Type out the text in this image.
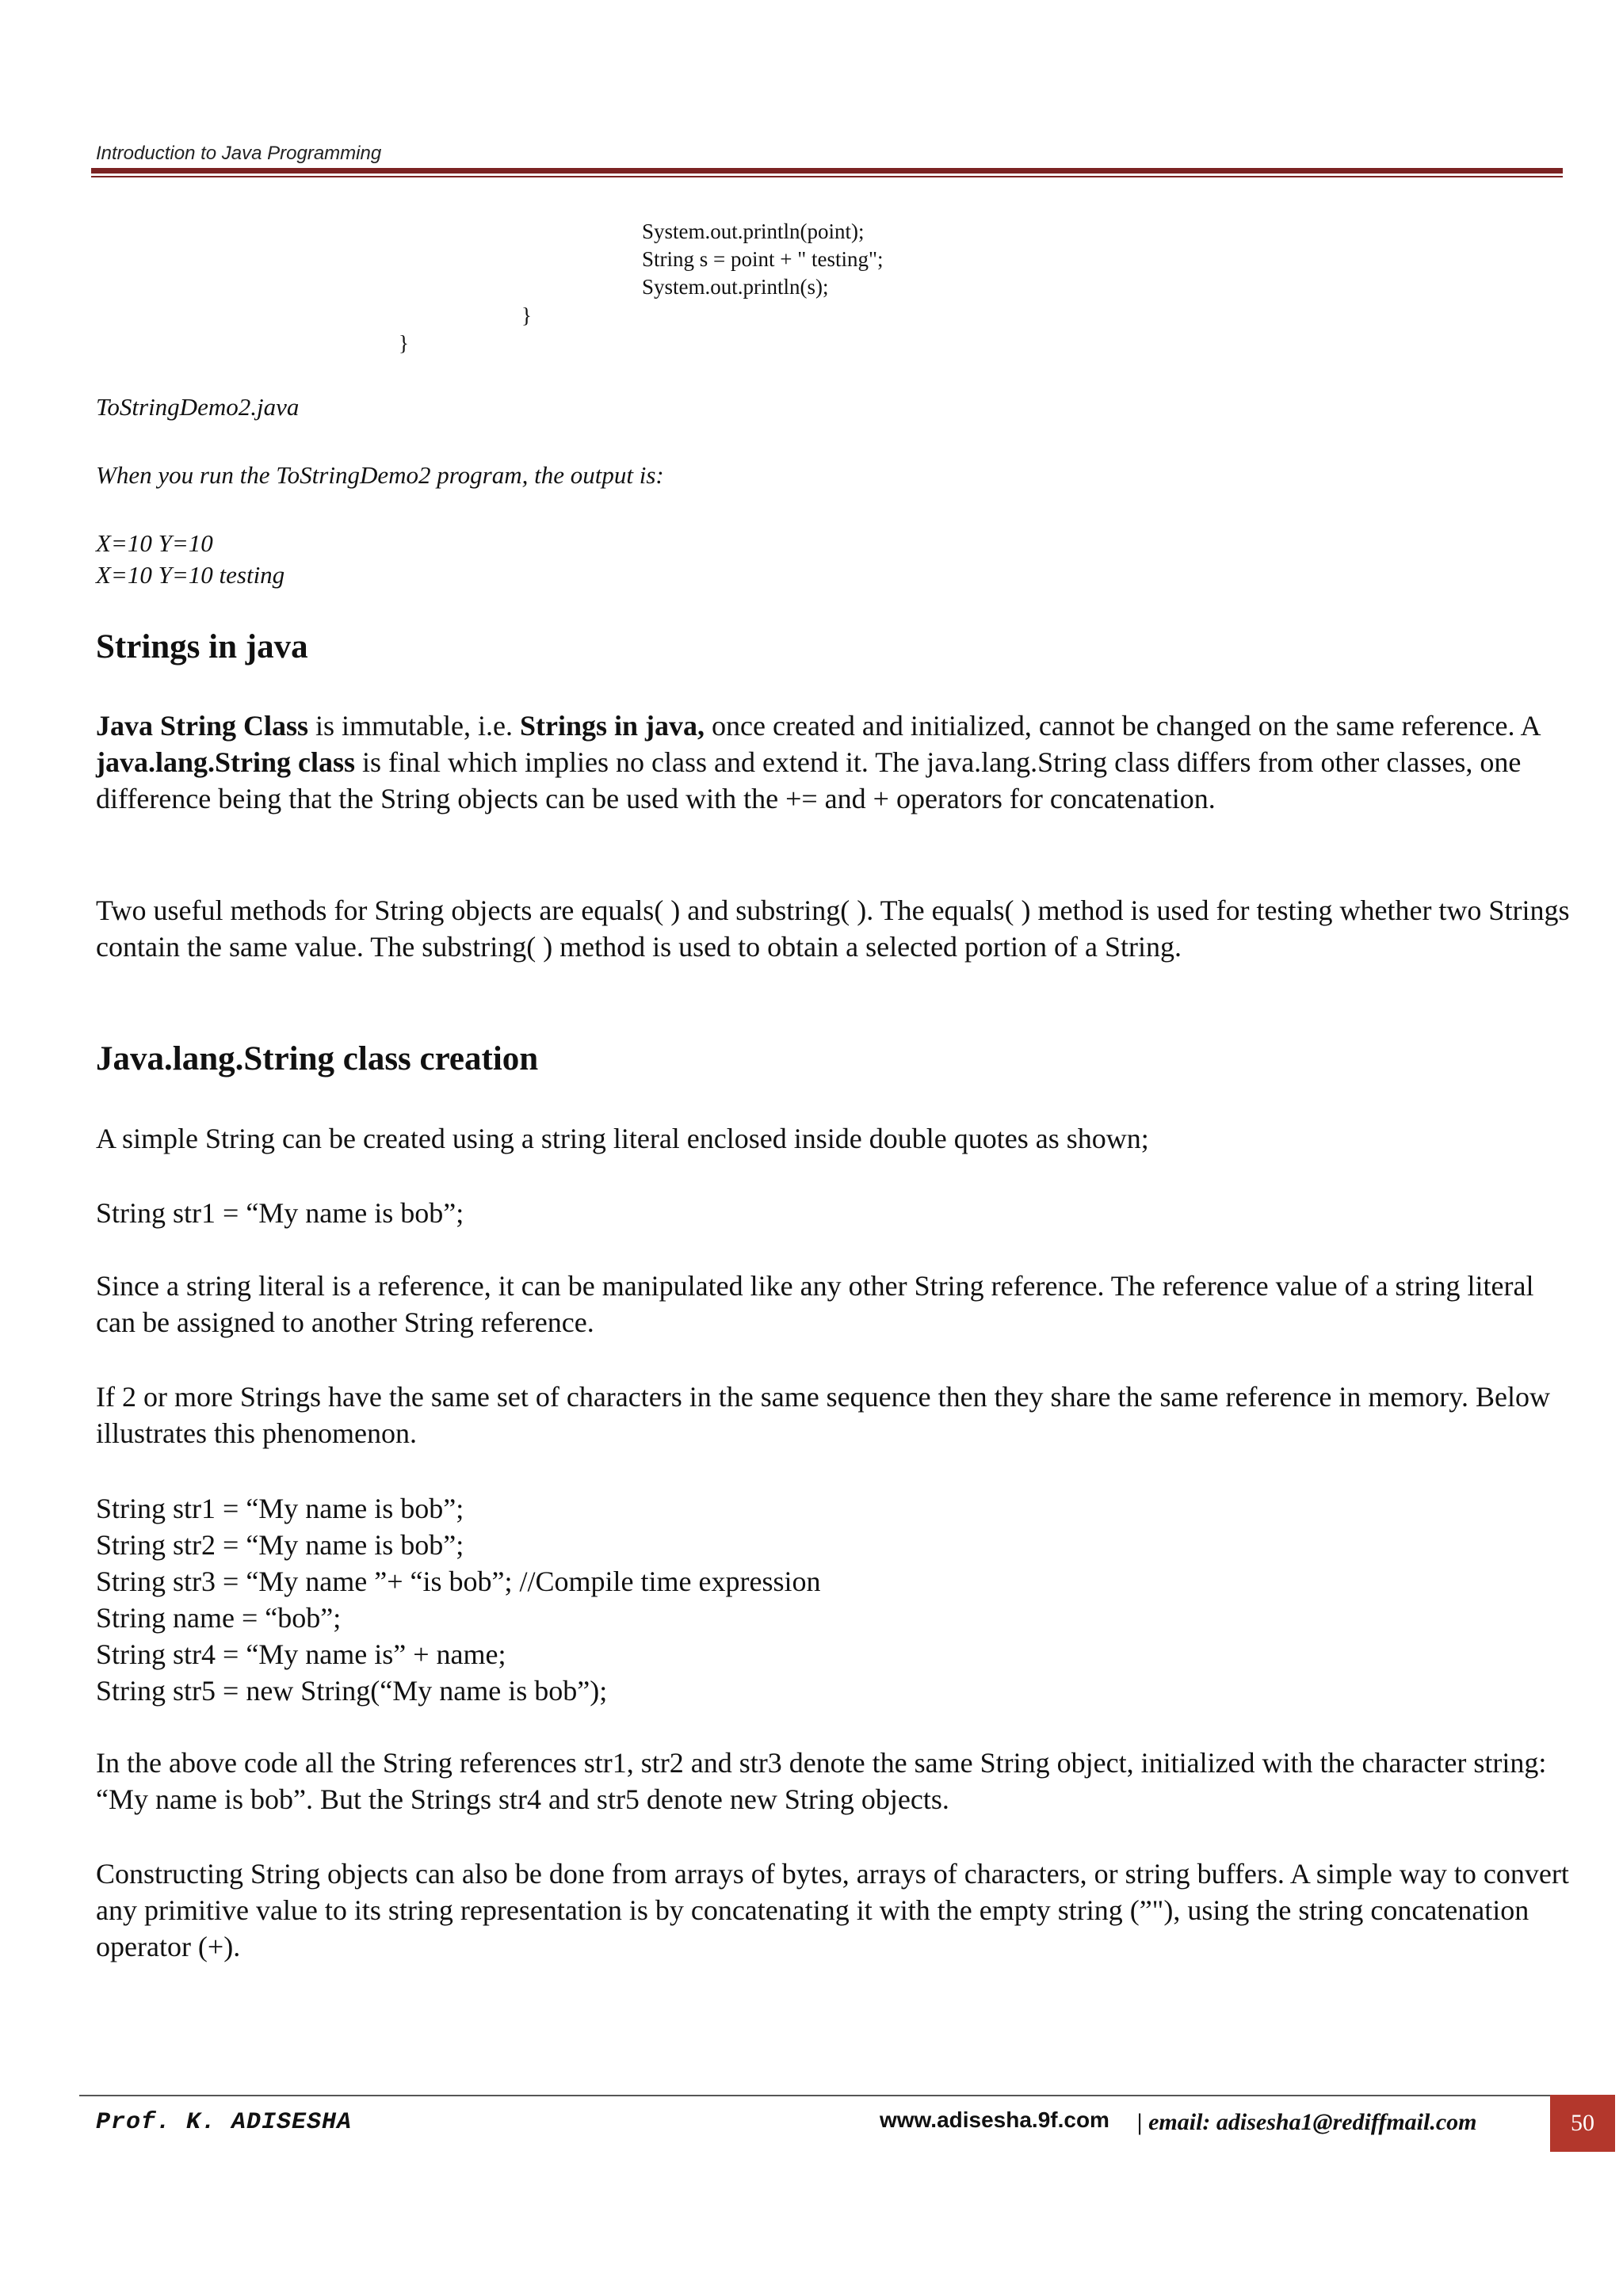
Introduction to Java Programming
System.out.println(point);
String s = point + " testing";
System.out.println(s);
}
}
ToStringDemo2.java
When you run the ToStringDemo2 program, the output is:
X=10 Y=10
X=10 Y=10 testing
Strings in java

Java String Class is immutable, i.e. Strings in java, once created and initialized, cannot be changed on the same reference. A java.lang.String class is final which implies no class and extend it. The java.lang.String class differs from other classes, one difference being that the String objects can be used with the += and + operators for concatenation.

Two useful methods for String objects are equals( ) and substring( ). The equals( ) method is used for testing whether two Strings contain the same value. The substring( ) method is used to obtain a selected portion of a String.

Java.lang.String class creation

A simple String can be created using a string literal enclosed inside double quotes as shown;

String str1 = “My name is bob”;

Since a string literal is a reference, it can be manipulated like any other String reference. The reference value of a string literal can be assigned to another String reference.

If 2 or more Strings have the same set of characters in the same sequence then they share the same reference in memory. Below illustrates this phenomenon.

String str1 = “My name is bob”;
String str2 = “My name is bob”;
String str3 = “My name ”+ “is bob”; //Compile time expression
String name = “bob”;
String str4 = “My name is” + name;
String str5 = new String(“My name is bob”);

In the above code all the String references str1, str2 and str3 denote the same String object, initialized with the character string: “My name is bob”. But the Strings str4 and str5 denote new String objects.

Constructing String objects can also be done from arrays of bytes, arrays of characters, or string buffers. A simple way to convert any primitive value to its string representation is by concatenating it with the empty string (”"), using the string concatenation operator (+).

Prof. K. ADISESHA	www.adisesha.9f.com | email: adisesha1@rediffmail.com	50
